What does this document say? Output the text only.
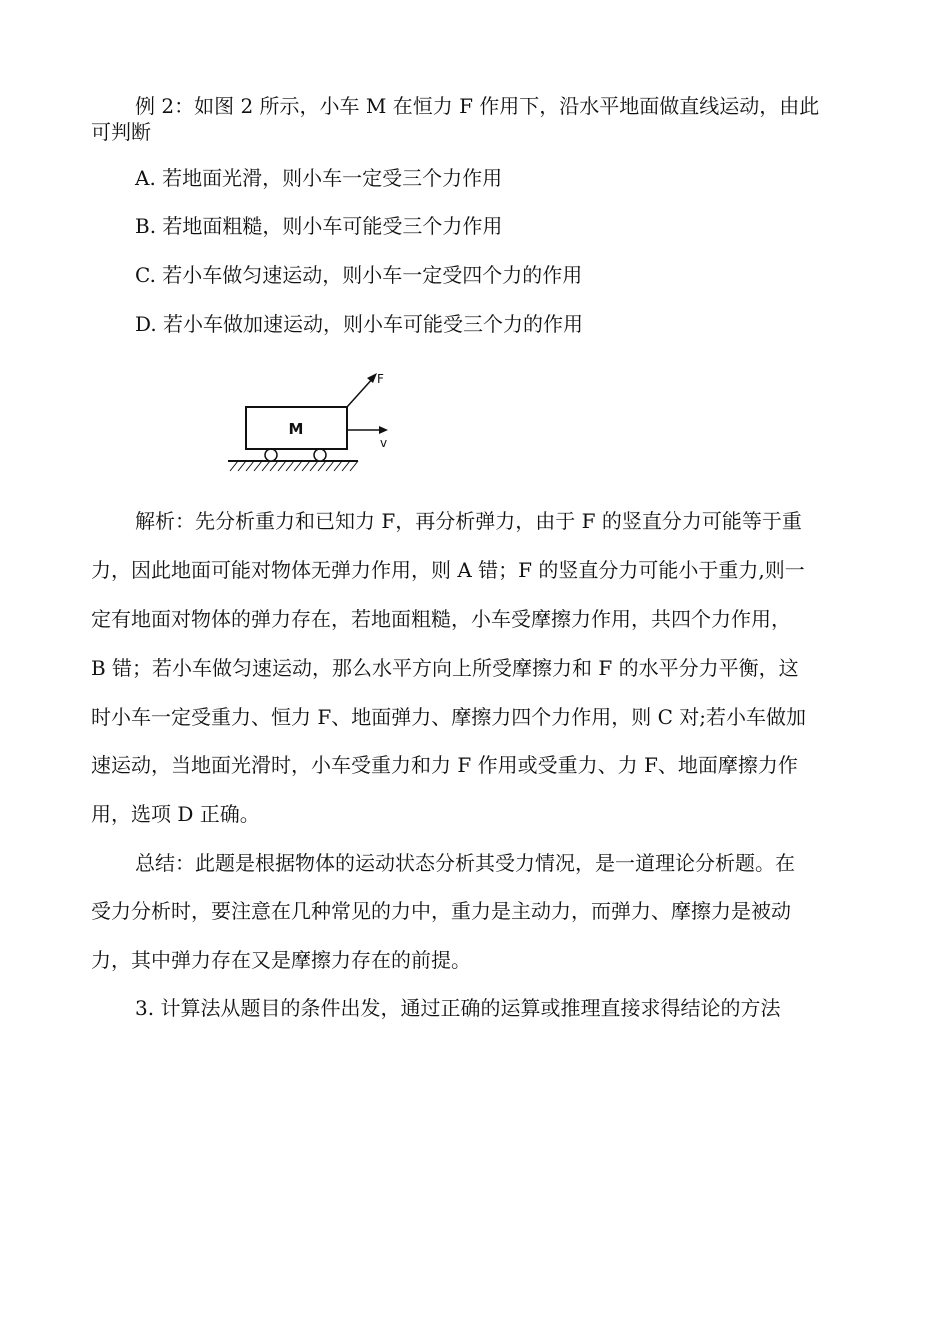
例 2：如图 2 所示，小车 M 在恒力 F 作用下，沿水平地面做直线运动，由此
可判断
A. 若地面光滑，则小车一定受三个力作用
B. 若地面粗糙，则小车可能受三个力作用
C. 若小车做匀速运动，则小车一定受四个力的作用
D. 若小车做加速运动，则小车可能受三个力的作用
M
F
v
解析：先分析重力和已知力 F，再分析弹力，由于 F 的竖直分力可能等于重
力，因此地面可能对物体无弹力作用，则 A 错；F 的竖直分力可能小于重力,则一
定有地面对物体的弹力存在，若地面粗糙，小车受摩擦力作用，共四个力作用，
B 错；若小车做匀速运动，那么水平方向上所受摩擦力和 F 的水平分力平衡，这
时小车一定受重力、恒力 F、地面弹力、摩擦力四个力作用，则 C 对;若小车做加
速运动，当地面光滑时，小车受重力和力 F 作用或受重力、力 F、地面摩擦力作
用，选项 D 正确。
总结：此题是根据物体的运动状态分析其受力情况，是一道理论分析题。在
受力分析时，要注意在几种常见的力中，重力是主动力，而弹力、摩擦力是被动
力，其中弹力存在又是摩擦力存在的前提。
3. 计算法从题目的条件出发，通过正确的运算或推理直接求得结论的方法
